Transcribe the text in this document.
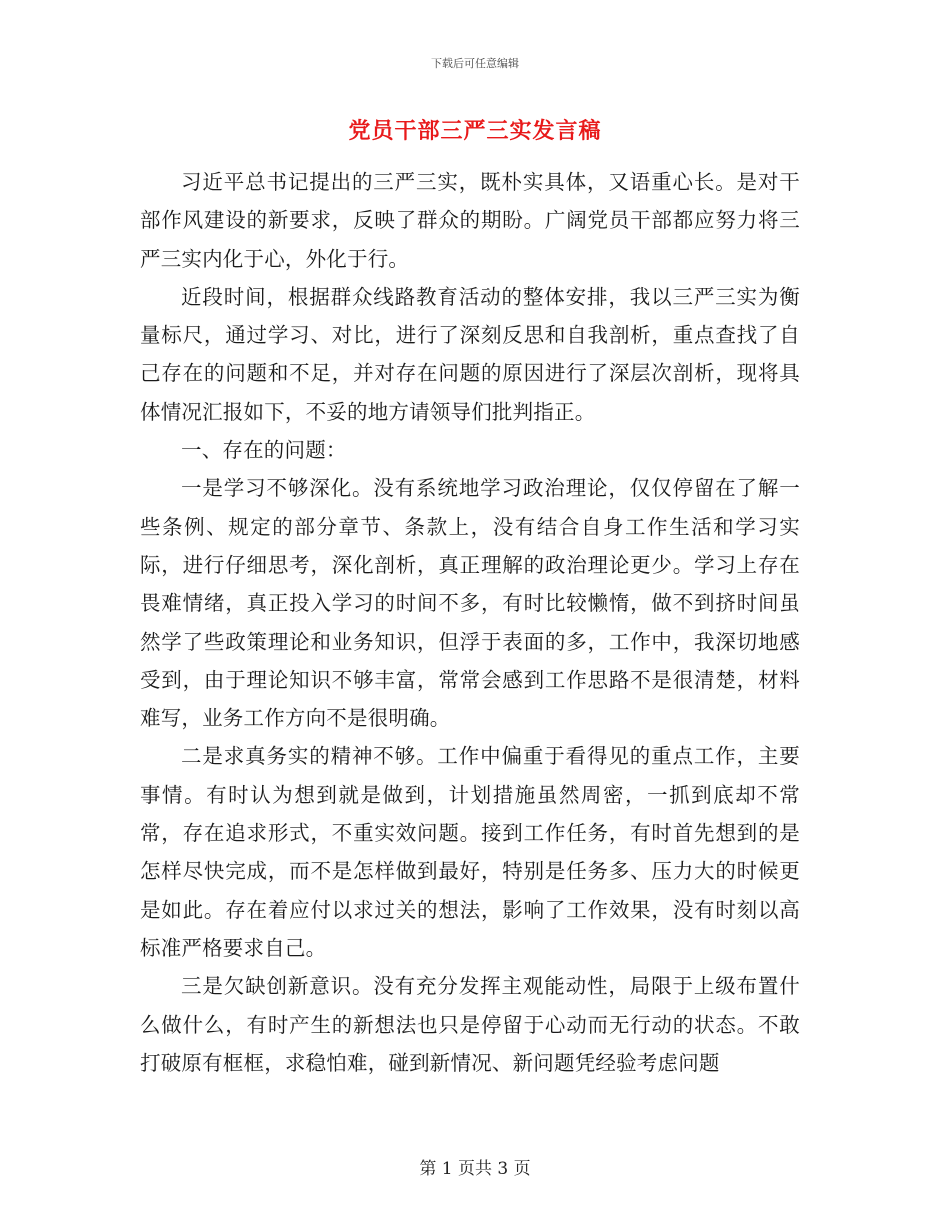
下载后可任意编辑
党员干部三严三实发言稿

习近平总书记提出的三严三实，既朴实具体，又语重心长。是对干部作风建设的新要求，反映了群众的期盼。广阔党员干部都应努力将三严三实内化于心，外化于行。

近段时间，根据群众线路教育活动的整体安排，我以三严三实为衡量标尺，通过学习、对比，进行了深刻反思和自我剖析，重点查找了自己存在的问题和不足，并对存在问题的原因进行了深层次剖析，现将具体情况汇报如下，不妥的地方请领导们批判指正。

一、存在的问题：

一是学习不够深化。没有系统地学习政治理论，仅仅停留在了解一些条例、规定的部分章节、条款上，没有结合自身工作生活和学习实际，进行仔细思考，深化剖析，真正理解的政治理论更少。学习上存在畏难情绪，真正投入学习的时间不多，有时比较懒惰，做不到挤时间虽然学了些政策理论和业务知识，但浮于表面的多，工作中，我深切地感受到，由于理论知识不够丰富，常常会感到工作思路不是很清楚，材料难写，业务工作方向不是很明确。

二是求真务实的精神不够。工作中偏重于看得见的重点工作，主要事情。有时认为想到就是做到，计划措施虽然周密，一抓到底却不常常，存在追求形式，不重实效问题。接到工作任务，有时首先想到的是怎样尽快完成，而不是怎样做到最好，特别是任务多、压力大的时候更是如此。存在着应付以求过关的想法，影响了工作效果，没有时刻以高标准严格要求自己。

三是欠缺创新意识。没有充分发挥主观能动性，局限于上级布置什么做什么，有时产生的新想法也只是停留于心动而无行动的状态。不敢打破原有框框，求稳怕难，碰到新情况、新问题凭经验考虑问题

第 1 页共 3 页
